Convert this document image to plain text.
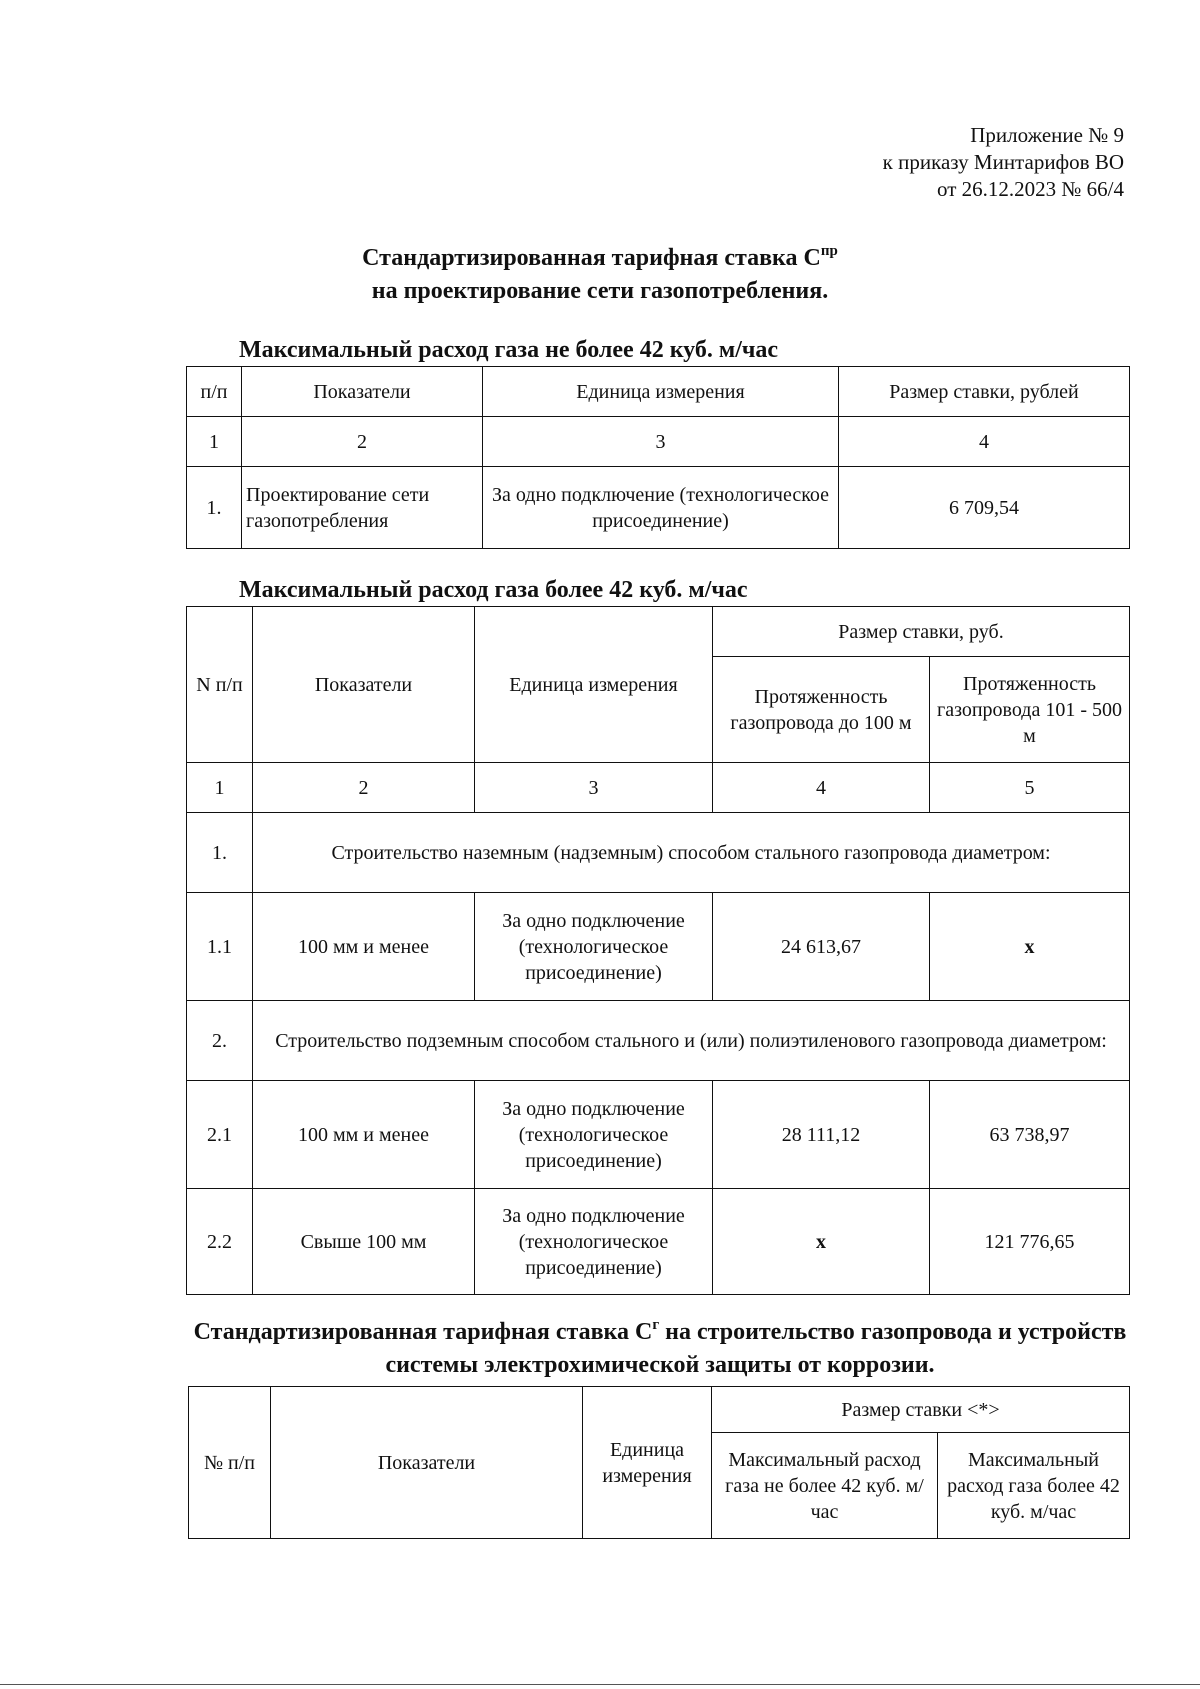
Приложение № 9
к приказу Минтарифов ВО
от 26.12.2023 № 66/4
Стандартизированная тарифная ставка $C^{пр}$
на проектирование сети газопотребления.
Максимальный расход газа не более 42 куб. м/час
п/п	Показатели	Единица измерения	Размер ставки, рублей
1	2	3	4
1.	Проектирование сети газопотребления	За одно подключение (технологическое присоединение)	6 709,54
Максимальный расход газа более 42 куб. м/час
N п/п	Показатели	Единица измерения	Размер ставки, руб.	
			Протяженность газопровода до 100 м	Протяженность газопровода 101 - 500 м
1	2	3	4	5
1.	Строительство наземным (надземным) способом стального газопровода диаметром:			
1.1	100 мм и менее	За одно подключение (технологическое присоединение)	24 613,67	х
2.	Строительство подземным способом стального и (или) полиэтиленового газопровода диаметром:			
2.1	100 мм и менее	За одно подключение (технологическое присоединение)	28 111,12	63 738,97
2.2	Свыше 100 мм	За одно подключение (технологическое присоединение)	х	121 776,65
Стандартизированная тарифная ставка $C^г$ на строительство газопровода и устройств системы электрохимической защиты от коррозии.
№ п/п	Показатели	Единица измерения	Размер ставки <*>	
			Максимальный расход газа не более 42 куб. м/час	Максимальный расход газа более 42 куб. м/час
